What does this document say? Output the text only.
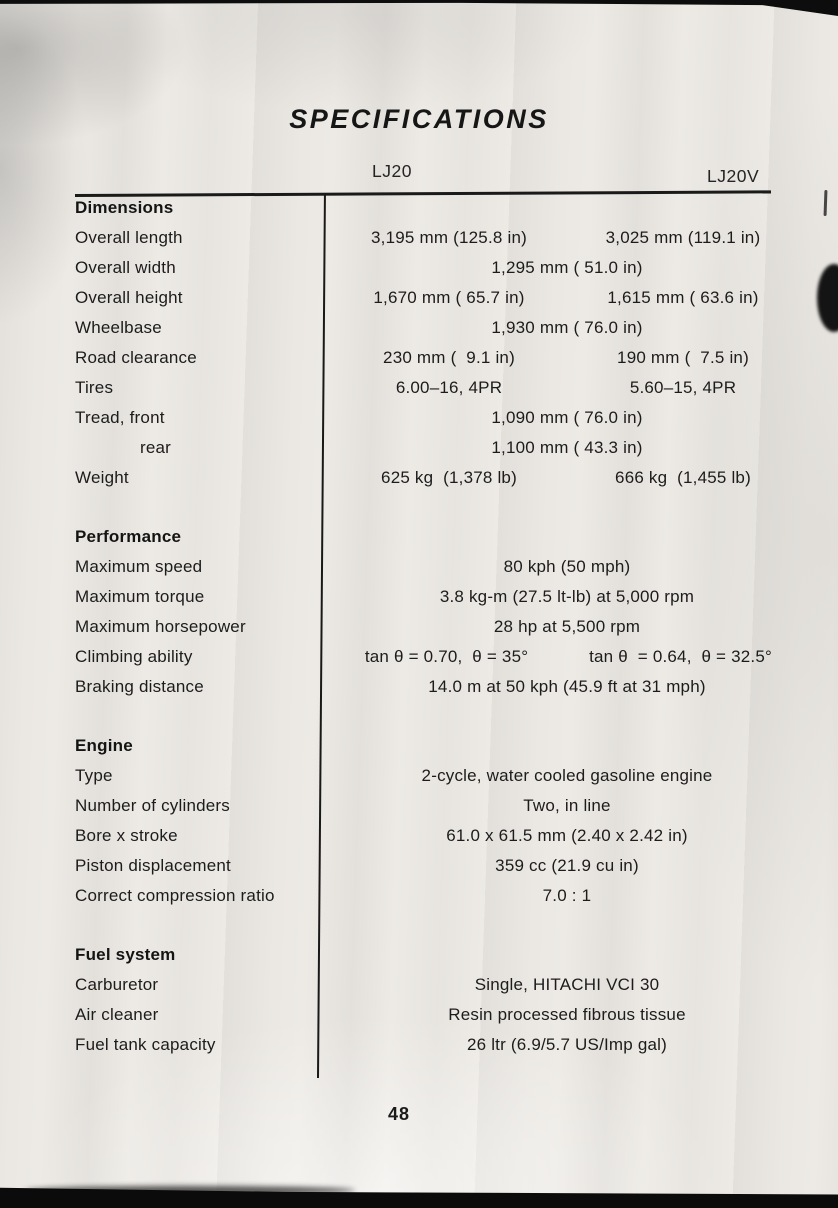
SPECIFICATIONS
LJ20	LJ20V
Dimensions
Overall length	3,195 mm (125.8 in)	3,025 mm (119.1 in)
Overall width	1,295 mm ( 51.0 in)
Overall height	1,670 mm ( 65.7 in)	1,615 mm ( 63.6 in)
Wheelbase	1,930 mm ( 76.0 in)
Road clearance	230 mm (  9.1 in)	190 mm (  7.5 in)
Tires	6.00–16, 4PR	5.60–15, 4PR
Tread, front	1,090 mm ( 76.0 in)
rear	1,100 mm ( 43.3 in)
Weight	625 kg  (1,378 lb)	666 kg  (1,455 lb)
Performance
Maximum speed	80 kph (50 mph)
Maximum torque	3.8 kg-m (27.5 lt-lb) at 5,000 rpm
Maximum horsepower	28 hp at 5,500 rpm
Climbing ability	tan θ = 0.70,  θ = 35°	tan θ  = 0.64,  θ = 32.5°
Braking distance	14.0 m at 50 kph (45.9 ft at 31 mph)
Engine
Type	2-cycle, water cooled gasoline engine
Number of cylinders	Two, in line
Bore x stroke	61.0 x 61.5 mm (2.40 x 2.42 in)
Piston displacement	359 cc (21.9 cu in)
Correct compression ratio	7.0 : 1
Fuel system
Carburetor	Single, HITACHI VCI 30
Air cleaner	Resin processed fibrous tissue
Fuel tank capacity	26 ltr (6.9/5.7 US/Imp gal)
48
